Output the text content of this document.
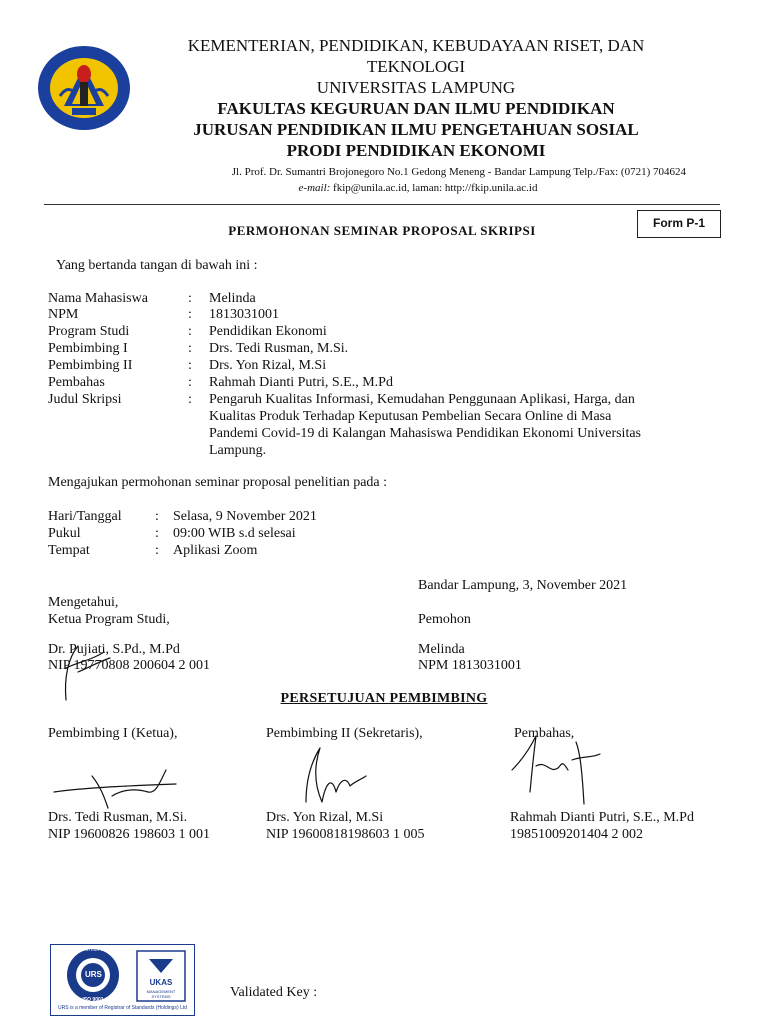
KEMENTERIAN, PENDIDIKAN, KEBUDAYAAN RISET, DAN
TEKNOLOGI
UNIVERSITAS LAMPUNG
FAKULTAS KEGURUAN DAN ILMU PENDIDIKAN
JURUSAN PENDIDIKAN ILMU PENGETAHUAN SOSIAL
PRODI PENDIDIKAN EKONOMI
Jl. Prof. Dr. Sumantri Brojonegoro No.1 Gedong Meneng - Bandar Lampung Telp./Fax: (0721) 704624
e-mail: fkip@unila.ac.id, laman: http://fkip.unila.ac.id
Form P-1
PERMOHONAN SEMINAR PROPOSAL SKRIPSI
Yang bertanda tangan di bawah ini :
Nama Mahasiswa	: Melinda
NPM	: 1813031001
Program Studi	: Pendidikan Ekonomi
Pembimbing I	: Drs. Tedi Rusman, M.Si.
Pembimbing II	: Drs. Yon Rizal, M.Si
Pembahas	: Rahmah Dianti Putri, S.E., M.Pd
Judul Skripsi	: Pengaruh Kualitas Informasi, Kemudahan Penggunaan Aplikasi, Harga, dan
Kualitas Produk Terhadap Keputusan Pembelian Secara Online di Masa
Pandemi Covid-19 di Kalangan Mahasiswa Pendidikan Ekonomi Universitas
Lampung.
Mengajukan permohonan seminar proposal penelitian pada :
Hari/Tanggal : Selasa, 9 November 2021
Pukul	: 09:00 WIB s.d selesai
Tempat	: Aplikasi Zoom
Bandar Lampung, 3, November 2021
Mengetahui,
Ketua Program Studi,	Pemohon
Dr. Pujiati, S.Pd., M.Pd
NIP 19770808 200604 2 001
Melinda
NPM 1813031001
PERSETUJUAN PEMBIMBING
Pembimbing I (Ketua),	Pembimbing II (Sekretaris),	Pembahas,
Drs. Tedi Rusman, M.Si.
NIP 19600826 198603 1 001
Drs. Yon Rizal, M.Si
NIP 19600818198603 1 005
Rahmah Dianti Putri, S.E., M.Pd
19851009201404 2 002
URS
UNITED REGISTRAR OF SYSTEMS
ISO 9001
UKAS
MANAGEMENT SYSTEMS
URS is a member of Registrar of Standards (Holdings) Ltd
Validated Key :
